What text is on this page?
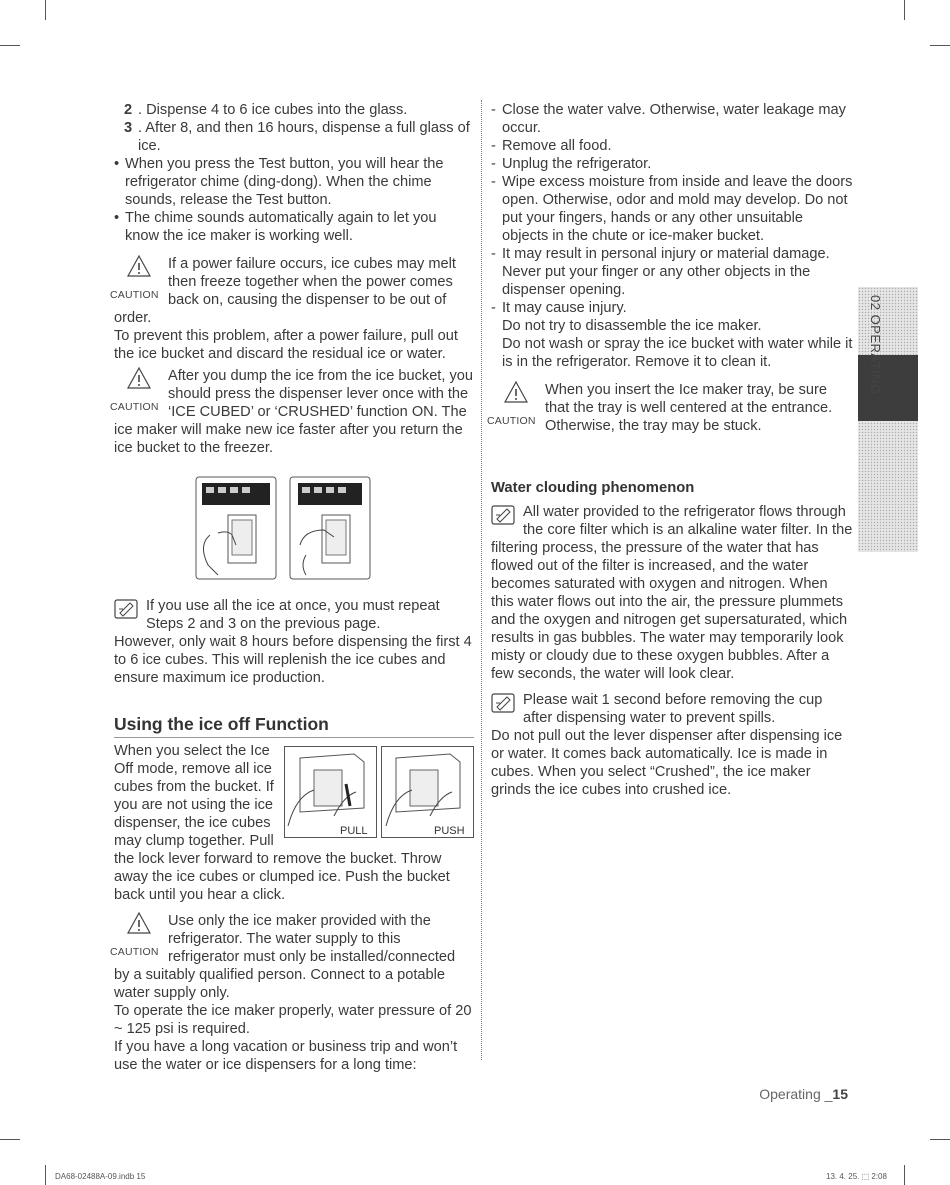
2 . Dispense 4 to 6 ice cubes into the glass.
3 . After 8, and then 16 hours, dispense a full glass of ice.
• When you press the Test button, you will hear the refrigerator chime (ding-dong). When the chime sounds, release the Test button.
• The chime sounds automatically again to let you know the ice maker is working well.
CAUTION

If a power failure occurs, ice cubes may melt then freeze together when the power comes back on, causing the dispenser to be out of order.

To prevent this problem, after a power failure, pull out the ice bucket and discard the residual ice or water.

CAUTION

After you dump the ice from the ice bucket, you should press the dispenser lever once with the ‘ICE CUBED’ or ‘CRUSHED’ function ON. The ice maker will make new ice faster after you return the ice bucket to the freezer.

If you use all the ice at once, you must repeat Steps 2 and 3 on the previous page.

However, only wait 8 hours before dispensing the first 4 to 6 ice cubes. This will replenish the ice cubes and ensure maximum ice production.

Using the ice off Function
PULL	PUSH

When you select the Ice Off mode, remove all ice cubes from the bucket. If you are not using the ice dispenser, the ice cubes may clump together. Pull the lock lever forward to remove the bucket. Throw away the ice cubes or clumped ice. Push the bucket back until you hear a click.

CAUTION

Use only the ice maker provided with the refrigerator. The water supply to this refrigerator must only be installed/connected by a suitably qualified person. Connect to a potable water supply only.

To operate the ice maker properly, water pressure of 20 ~ 125 psi is required.

If you have a long vacation or business trip and won’t use the water or ice dispensers for a long time:

- Close the water valve. Otherwise, water leakage may occur.
- Remove all food.
- Unplug the refrigerator.
- Wipe excess moisture from inside and leave the doors open. Otherwise, odor and mold may develop. Do not put your fingers, hands or any other unsuitable objects in the chute or ice-maker bucket.
- It may result in personal injury or material damage. Never put your finger or any other objects in the dispenser opening.
- It may cause injury.

Do not try to disassemble the ice maker.

Do not wash or spray the ice bucket with water while it is in the refrigerator. Remove it to clean it.

CAUTION

When you insert the Ice maker tray, be sure that the tray is well centered at the entrance. Otherwise, the tray may be stuck.

Water clouding phenomenon

All water provided to the refrigerator flows through the core filter which is an alkaline water filter. In the filtering process, the pressure of the water that has flowed out of the filter is increased, and the water becomes saturated with oxygen and nitrogen. When this water flows out into the air, the pressure plummets and the oxygen and nitrogen get supersaturated, which results in gas bubbles. The water may temporarily look misty or cloudy due to these oxygen bubbles. After a few seconds, the water will look clear.

Please wait 1 second before removing the cup after dispensing water to prevent spills.

Do not pull out the lever dispenser after dispensing ice or water. It comes back automatically. Ice is made in cubes. When you select “Crushed”, the ice maker grinds the ice cubes into crushed ice.

02 OPERATING
Operating _15
DA68-02488A-09.indb 15	13. 4. 25. ⬚ 2:08
